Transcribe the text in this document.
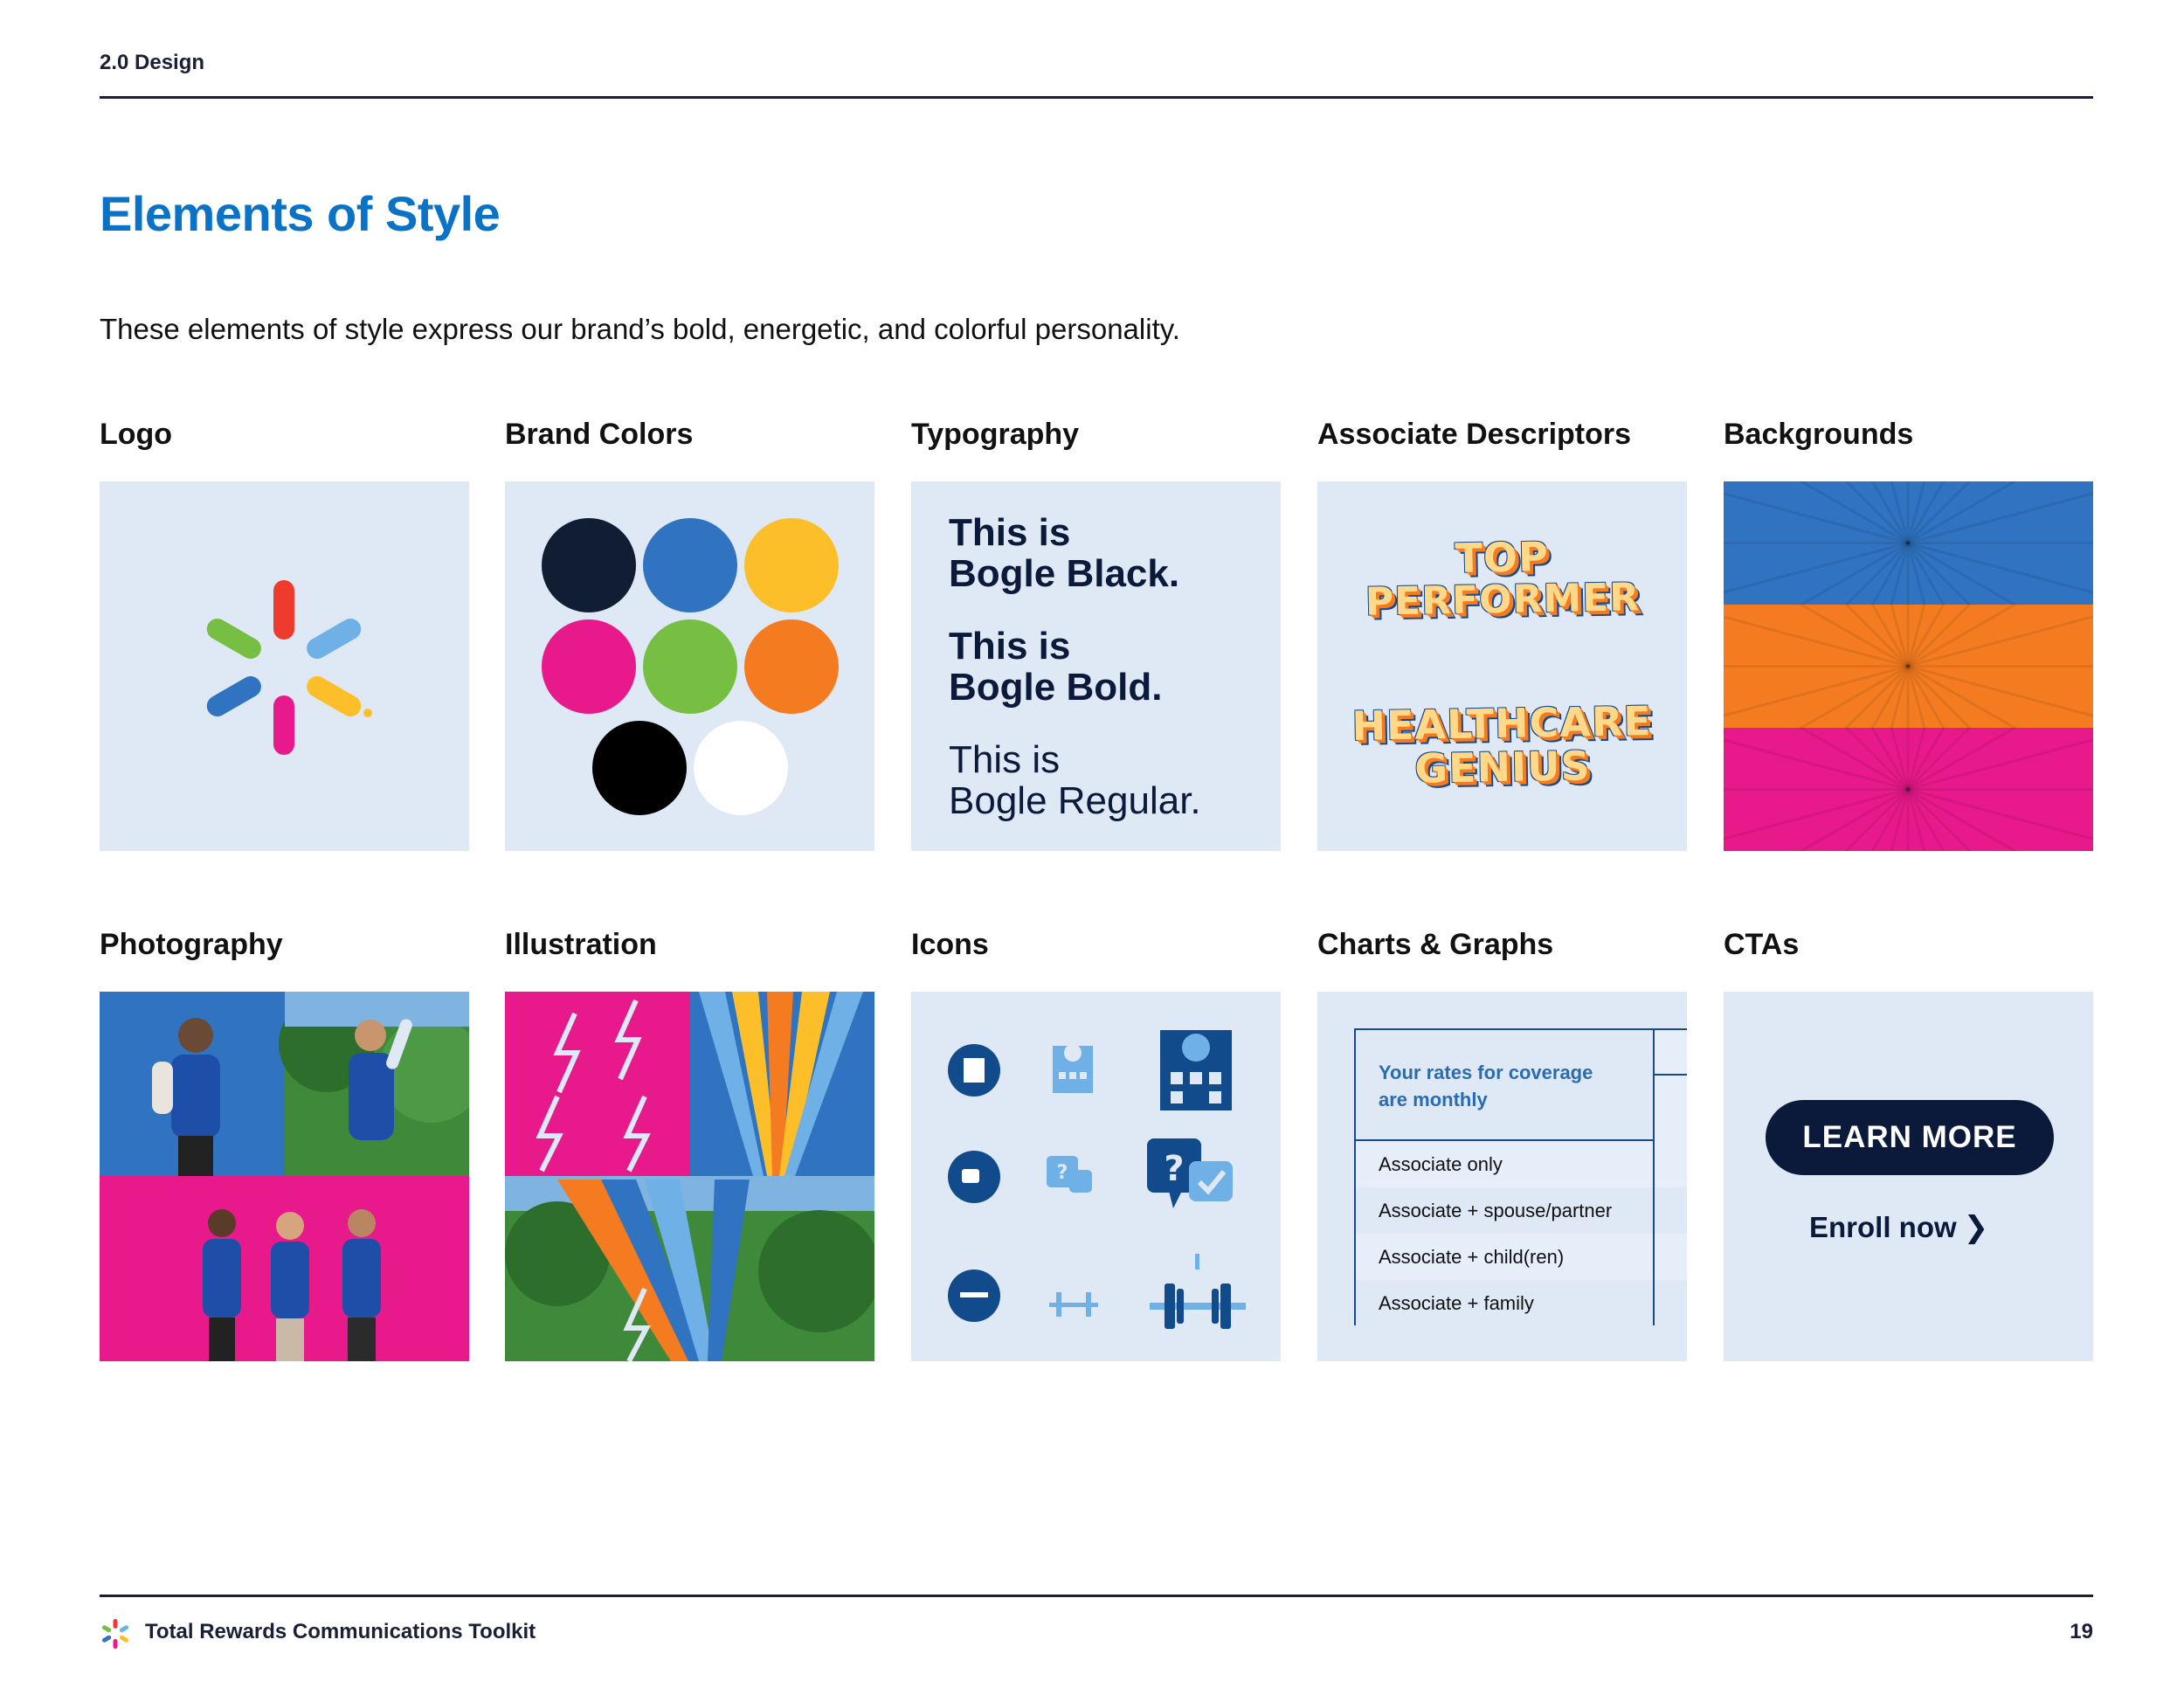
2.0 Design
Elements of Style

These elements of style express our brand’s bold, energetic, and colorful personality.

Logo	Brand Colors	Typography	Associate Descriptors	Backgrounds
This is
Bogle Black.
This is
Bogle Bold.
This is
Bogle Regular.
TOP
PERFORMER
HEALTHCARE
GENIUS
Photography	Illustration	Icons	Charts & Graphs	CTAs
?	?
Your rates for coverage are monthly
Associate only
Associate + spouse/partner
Associate + child(ren)
Associate + family
LEARN MORE
Enroll now ❯
Total Rewards Communications Toolkit	19
